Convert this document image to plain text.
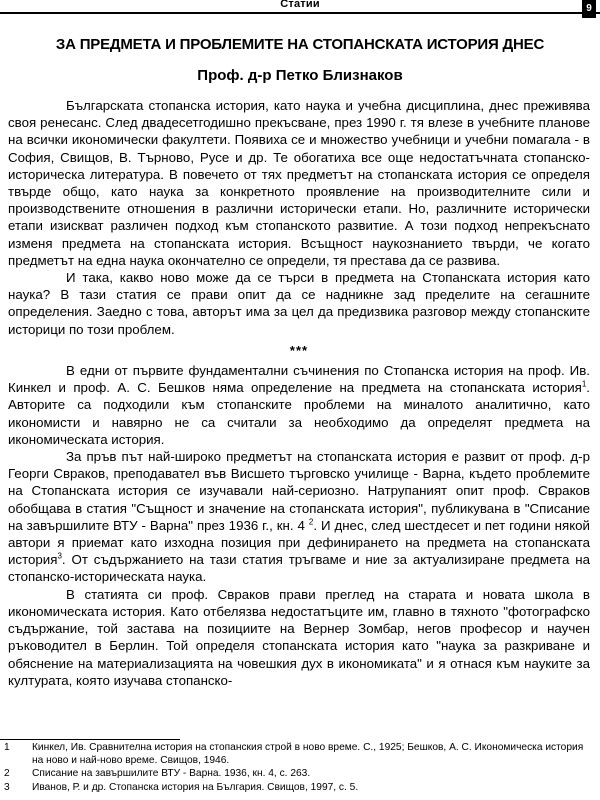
Статии	9
ЗА ПРЕДМЕТА И ПРОБЛЕМИТЕ НА СТОПАНСКАТА ИСТОРИЯ ДНЕС
Проф. д-р Петко Близнаков

Българската стопанска история, като наука и учебна дисциплина, днес преживява своя ренесанс. След двадесетгодишно прекъсване, през 1990 г. тя влезе в учебните планове на всички икономически факултети. Появиха се и множество учебници и учебни помагала - в София, Свищов, В. Търново, Русе и др. Те обогатиха все още недостатъчната стопанско-историческа литература. В повечето от тях предметът на стопанската история се определя твърде общо, като наука за конкретното проявление на производителните сили и производствените отношения в различни исторически етапи. Но, различните исторически етапи изискват различен подход към стопанското развитие. А този подход непрекъснато изменя предмета на стопанската история. Всъщност наукознанието твърди, че когато предметът на една наука окончателно се определи, тя престава да се развива.

И така, какво ново може да се търси в предмета на Стопанската история като наука? В тази статия се прави опит да се надникне зад пределите на сегашните определения. Заедно с това, авторът има за цел да предизвика разговор между стопанските историци по този проблем.

***

В едни от първите фундаментални съчинения по Стопанска история на проф. Ив. Кинкел и проф. А. С. Бешков няма определение на предмета на стопанската история$^1$. Авторите са подходили към стопанските проблеми на миналото аналитично, като икономисти и навярно не са считали за необходимо да определят предмета на икономическата история.

За пръв път най-широко предметът на стопанската история е развит от проф. д-р Георги Свраков, преподавател във Висшето търговско училище - Варна, където проблемите на Стопанската история се изучавали най-сериозно. Натрупаният опит проф. Свраков обобщава в статия "Същност и значение на стопанската история", публикувана в "Списание на завършилите ВТУ - Варна" през 1936 г., кн. 4 $^2$. И днес, след шестдесет и пет години някой автори я приемат като изходна позиция при дефинирането на предмета на стопанската история$^3$. От съдържанието на тази статия тръгваме и ние за актуализиране предмета на стопанско-историческата наука.

В статията си проф. Свраков прави преглед на старата и новата школа в икономическата история. Като отбелязва недостатъците им, главно в тяхното "фотографско съдържание, той застава на позициите на Вернер Зомбар, негов професор и научен ръководител в Берлин. Той определя стопанската история като "наука за разкриване и обяснение на материализацията на човешкия дух в икономиката" и я отнася към науките за културата, която изучава стопанско-

1	Кинкел, Ив. Сравнителна история на стопанския строй в ново време. С., 1925; Бешков, А. С. Икономическа история на ново и най-ново време. Свищов, 1946.
2	Списание на завършилите ВТУ - Варна. 1936, кн. 4, с. 263.
3	Иванов, Р. и др. Стопанска история на България. Свищов, 1997, с. 5.
